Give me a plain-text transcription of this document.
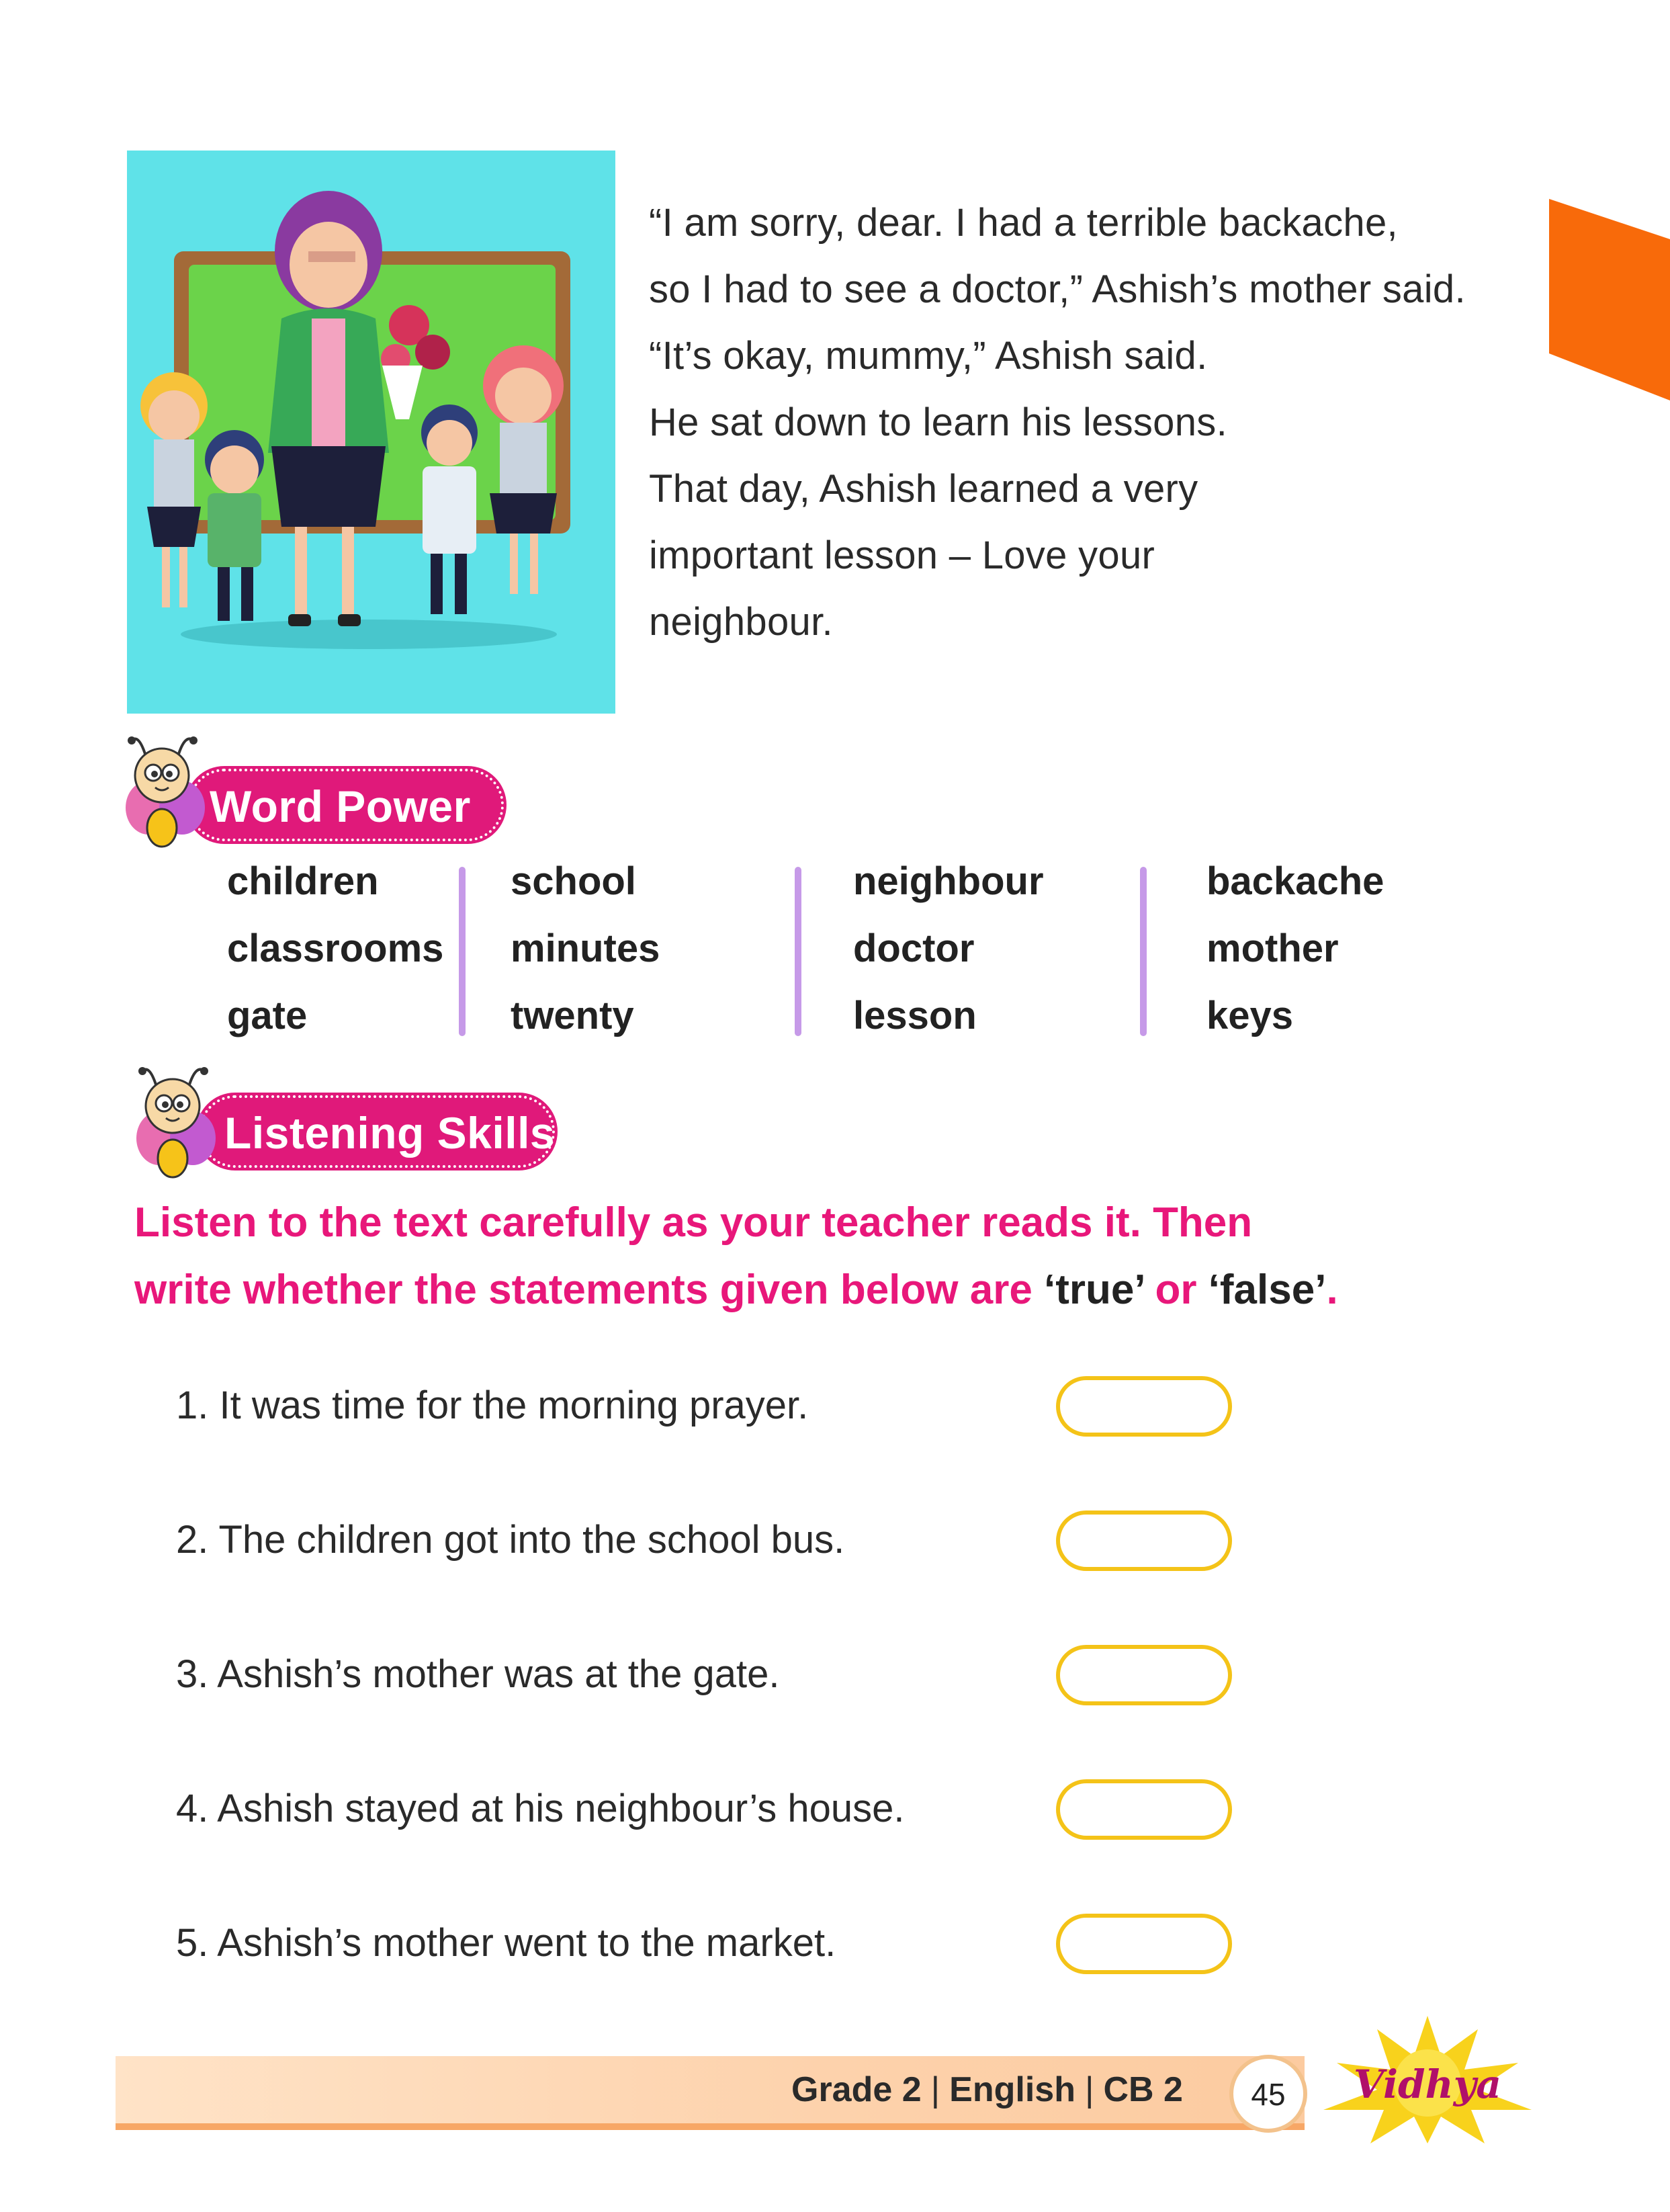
“I am sorry, dear. I had a terrible backache,

so I had to see a doctor,” Ashish’s mother said.

“It’s okay, mummy,” Ashish said.

He sat down to learn his lessons.

That day, Ashish learned a very

important lesson – Love your

neighbour.

Word Power
children
classrooms
gate
school
minutes
twenty
neighbour
doctor
lesson
backache
mother
keys
Listening Skills

Listen to the text carefully as your teacher reads it. Then

write whether the statements given below are ‘true’ or ‘false’.

1. It was time for the morning prayer.
2. The children got into the school bus.
3. Ashish’s mother was at the gate.
4. Ashish stayed at his neighbour’s house.
5. Ashish’s mother went to the market.
Grade 2 | English | CB 2	45	Vidhya
